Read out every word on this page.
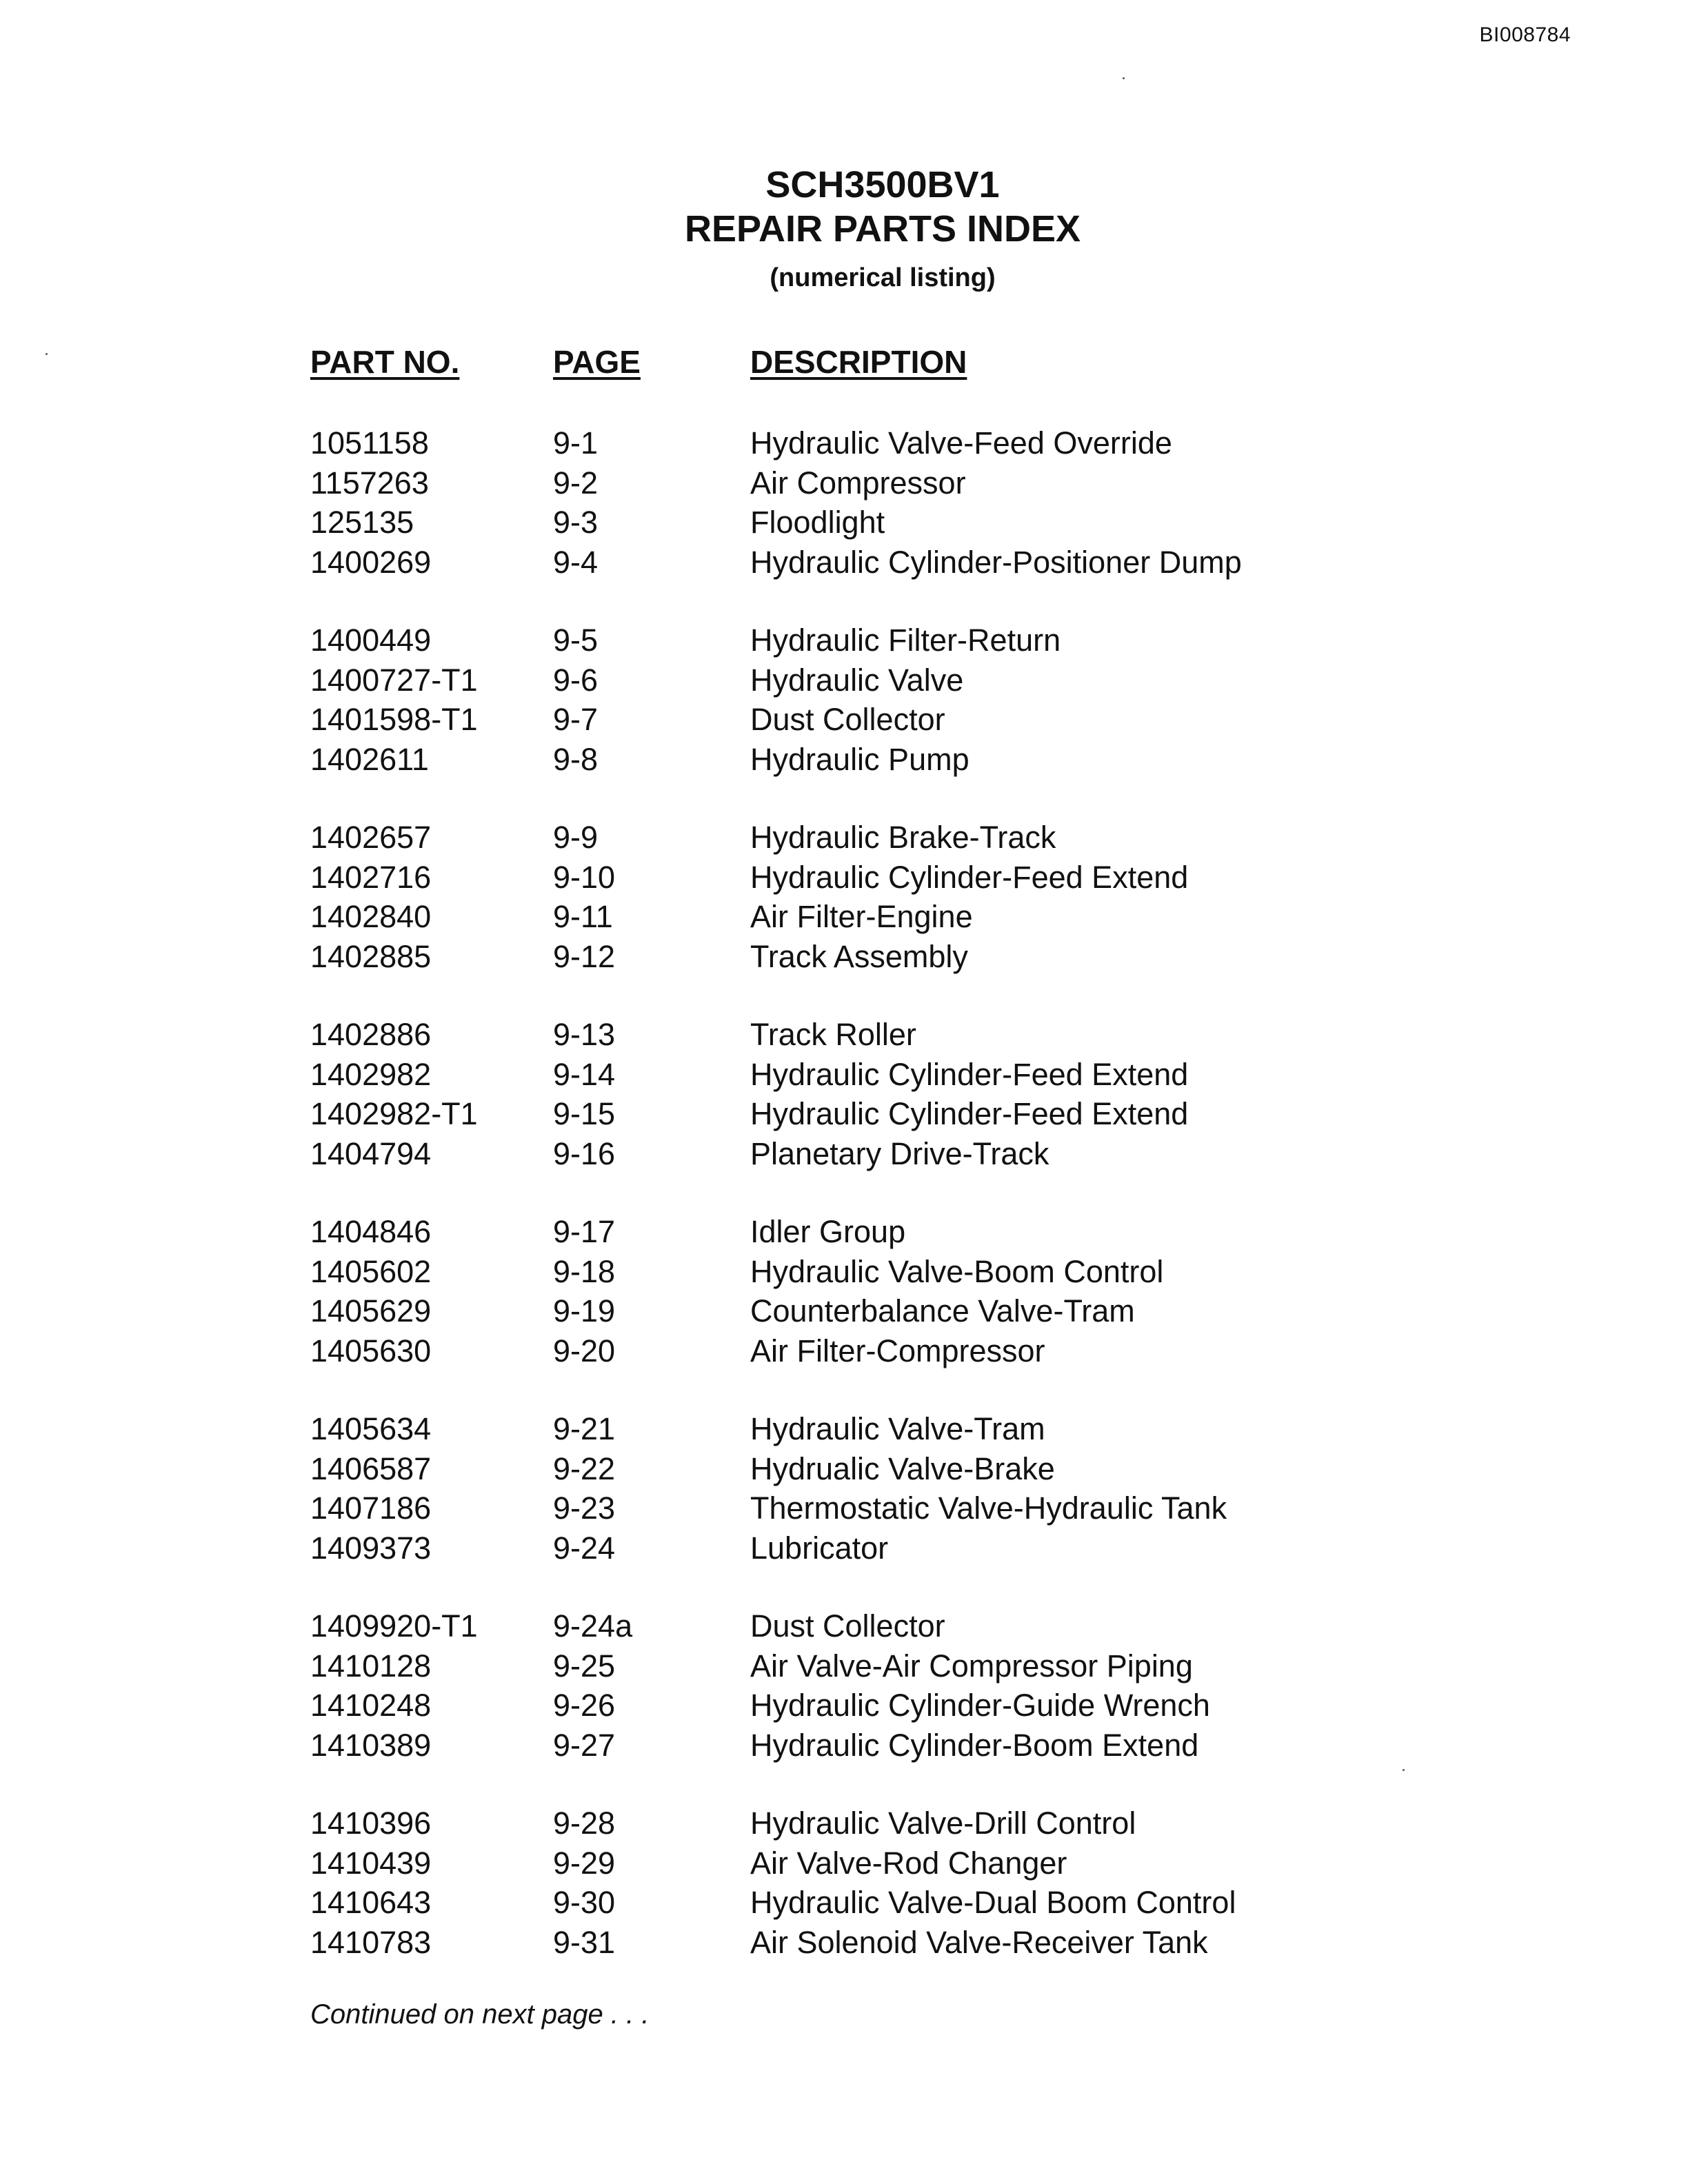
BI008784
SCH3500BV1
REPAIR PARTS INDEX
(numerical listing)
PART NO.	PAGE	DESCRIPTION
1051158	9-1	Hydraulic Valve-Feed Override
1157263	9-2	Air Compressor
125135	9-3	Floodlight
1400269	9-4	Hydraulic Cylinder-Positioner Dump
1400449	9-5	Hydraulic Filter-Return
1400727-T1 9-6	Hydraulic Valve
1401598-T1 9-7	Dust Collector
1402611	9-8	Hydraulic Pump
1402657	9-9	Hydraulic Brake-Track
1402716	9-10	Hydraulic Cylinder-Feed Extend
1402840	9-11	Air Filter-Engine
1402885	9-12	Track Assembly
1402886	9-13	Track Roller
1402982	9-14	Hydraulic Cylinder-Feed Extend
1402982-T1 9-15	Hydraulic Cylinder-Feed Extend
1404794	9-16	Planetary Drive-Track
1404846	9-17	Idler Group
1405602	9-18	Hydraulic Valve-Boom Control
1405629	9-19	Counterbalance Valve-Tram
1405630	9-20	Air Filter-Compressor
1405634	9-21	Hydraulic Valve-Tram
1406587	9-22	Hydrualic Valve-Brake
1407186	9-23	Thermostatic Valve-Hydraulic Tank
1409373	9-24	Lubricator
1409920-T1 9-24a	Dust Collector
1410128	9-25	Air Valve-Air Compressor Piping
1410248	9-26	Hydraulic Cylinder-Guide Wrench
1410389	9-27	Hydraulic Cylinder-Boom Extend
1410396	9-28	Hydraulic Valve-Drill Control
1410439	9-29	Air Valve-Rod Changer
1410643	9-30	Hydraulic Valve-Dual Boom Control
1410783	9-31	Air Solenoid Valve-Receiver Tank
Continued on next page . . .
